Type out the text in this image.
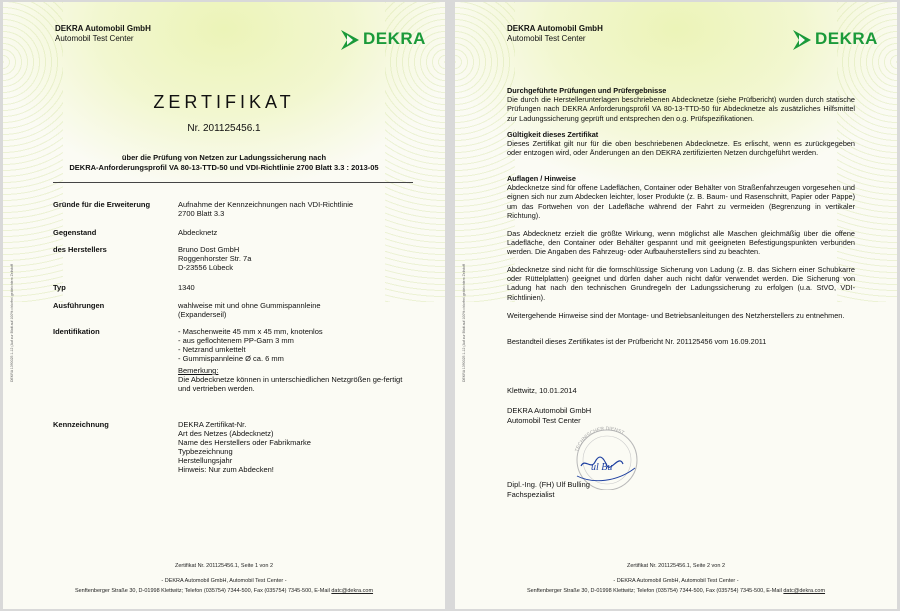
DEKRA Automobil GmbH
Automobil Test Center	DEKRA
ZERTIFIKAT
Nr. 201125456.1
über die Prüfung von Netzen zur Ladungssicherung nach
DEKRA-Anforderungsprofil VA 80-13-TTD-50 und VDI-Richtlinie 2700 Blatt 3.3 : 2013-05
Gründe für die Erweiterung	Aufnahme der Kennzeichnungen nach VDI-Richtlinie
2700 Blatt 3.3
Gegenstand	Abdecknetz
des Herstellers	Bruno Dost GmbH
Roggenhorster Str. 7a
D-23556 Lübeck
Typ	1340
Ausführungen	wahlweise mit und ohne Gummispannleine
(Expanderseil)
Identifikation	- Maschenweite 45 mm x 45 mm, knotenlos
- aus geflochtenem PP-Garn 3 mm
- Netzrand umkettelt
- Gummispannleine Ø ca. 6 mm
Bemerkung:
Die Abdecknetze können in unterschiedlichen Netzgrößen ge-fertigt und vertrieben werden.
Kennzeichnung	DEKRA Zertifikat-Nr.
Art des Netzes (Abdecknetz)
Name des Herstellers oder Fabrikmarke
Typbezeichnung
Herstellungsjahr
Hinweis: Nur zum Abdecken!
DEKRA 1390025 1-12 (Auf zur Blatt auf 100% chlorfrei gebleichtem Zellstoff
Zertifikat Nr. 201125456.1, Seite 1 von 2
- DEKRA Automobil GmbH, Automobil Test Center -
Senftenberger Straße 30, D-01998 Klettwitz; Telefon (035754) 7344-500, Fax (035754) 7345-500, E-Mail datc@dekra.com
DEKRA Automobil GmbH
Automobil Test Center	DEKRA
Durchgeführte Prüfungen und Prüfergebnisse
Die durch die Herstellerunterlagen beschriebenen Abdecknetze (siehe Prüfbericht) wurden durch statische Prüfungen nach DEKRA Anforderungsprofil VA 80-13-TTD-50 für Abdecknetze als zusätzliches Hilfsmittel zur Ladungssicherung geprüft und entsprechen den o.g. Prüfspezifikationen.
Gültigkeit dieses Zertifikat
Dieses Zertifikat gilt nur für die oben beschriebenen Abdecknetze. Es erlischt, wenn es zurückgegeben oder entzogen wird, oder Änderungen an den DEKRA zertifizierten Netzen durchgeführt werden.
Auflagen / Hinweise
Abdecknetze sind für offene Ladeflächen, Container oder Behälter von Straßenfahrzeugen vorgesehen und eignen sich nur zum Abdecken leichter, loser Produkte (z. B. Baum- und Rasenschnitt, Papier oder Pappe) um das Fortwehen von der Ladefläche während der Fahrt zu vermeiden (Begrenzung in vertikaler Richtung).
Das Abdecknetz erzielt die größte Wirkung, wenn möglichst alle Maschen gleichmäßig über die offene Ladefläche, den Container oder Behälter gespannt und mit geeigneten Befestigungspunkten verbunden werden. Die Angaben des Fahrzeug- oder Aufbauherstellers sind zu beachten.
Abdecknetze sind nicht für die formschlüssige Sicherung von Ladung (z. B. das Sichern einer Schubkarre oder Rüttelplatten) geeignet und dürfen daher auch nicht dafür verwendet werden. Die Sicherung von Ladung hat nach den technischen Grundregeln der Ladungssicherung zu erfolgen (u.a. StVO, VDI-Richtlinien).
Weitergehende Hinweise sind der Montage- und Betriebsanleitungen des Netzherstellers zu entnehmen.
Bestandteil dieses Zertifikates ist der Prüfbericht Nr. 201125456 vom 16.09.2011
Klettwitz, 10.01.2014
DEKRA Automobil GmbH
Automobil Test Center
TECHNISCHER DIENST
ul Bu
Dipl.-Ing. (FH) Ulf Bulling
Fachspezialist
DEKRA 1390025 1-12 (Auf zur Blatt auf 100% chlorfrei gebleichtem Zellstoff
Zertifikat Nr. 201125456.1, Seite 2 von 2
- DEKRA Automobil GmbH, Automobil Test Center -
Senftenberger Straße 30, D-01998 Klettwitz; Telefon (035754) 7344-500, Fax (035754) 7345-500, E-Mail datc@dekra.com
